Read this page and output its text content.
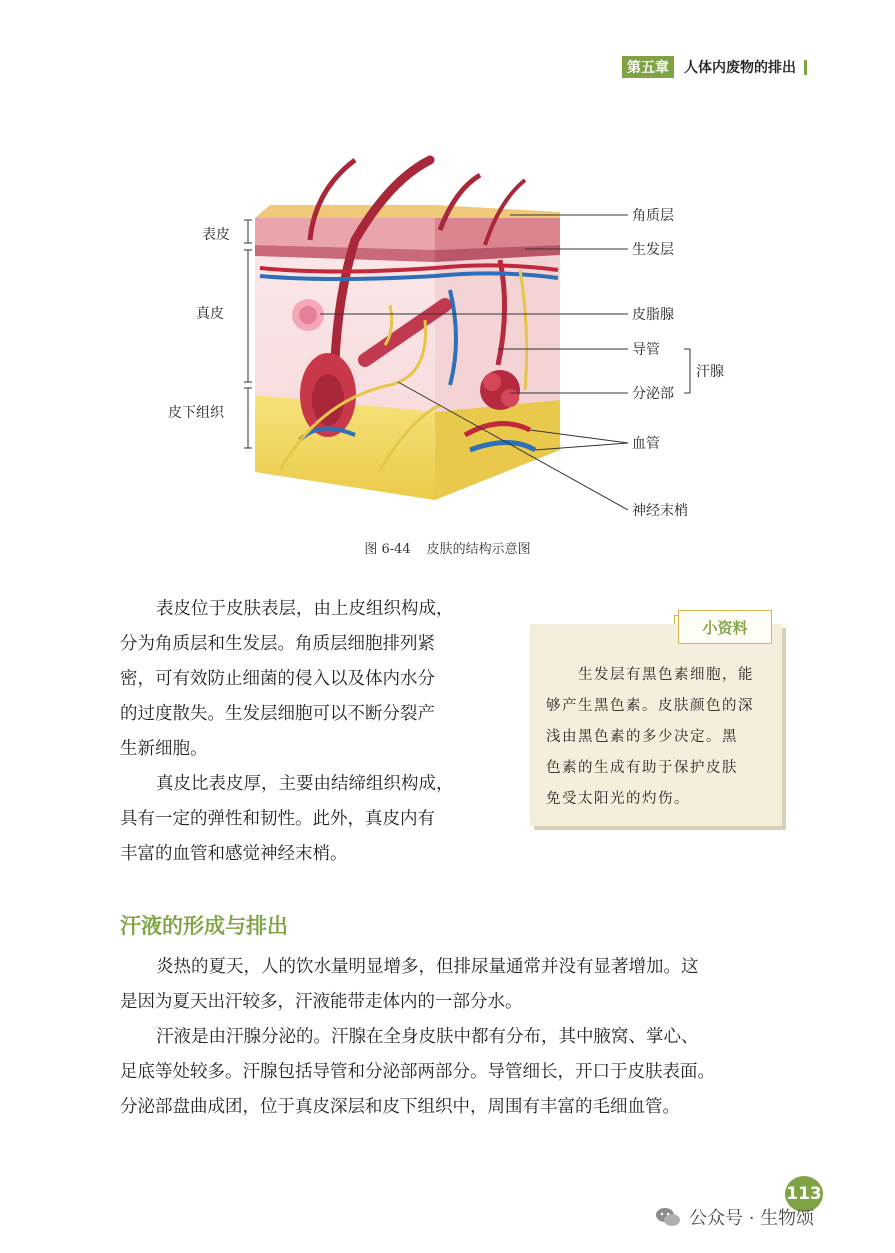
第五章	人体内废物的排出
表皮
真皮
皮下组织
角质层
生发层
皮脂腺
导管
分泌部
汗腺
血管
神经末梢
图 6-44 皮肤的结构示意图

表皮位于皮肤表层，由上皮组织构成，
分为角质层和生发层。角质层细胞排列紧
密，可有效防止细菌的侵入以及体内水分
的过度散失。生发层细胞可以不断分裂产
生新细胞。

真皮比表皮厚，主要由结缔组织构成，
具有一定的弹性和韧性。此外，真皮内有
丰富的血管和感觉神经末梢。

小资料
生发层有黑色素细胞，能
够产生黑色素。皮肤颜色的深
浅由黑色素的多少决定。黑
色素的生成有助于保护皮肤
免受太阳光的灼伤。
汗液的形成与排出

炎热的夏天，人的饮水量明显增多，但排尿量通常并没有显著增加。这
是因为夏天出汗较多，汗液能带走体内的一部分水。

汗液是由汗腺分泌的。汗腺在全身皮肤中都有分布，其中腋窝、掌心、
足底等处较多。汗腺包括导管和分泌部两部分。导管细长，开口于皮肤表面。
分泌部盘曲成团，位于真皮深层和皮下组织中，周围有丰富的毛细血管。

113
公众号 · 生物颂
